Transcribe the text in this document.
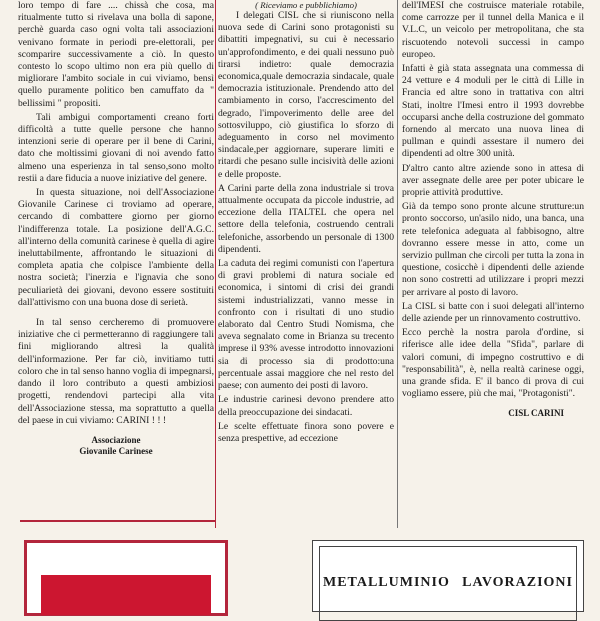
loro tempo di fare .... chissà che cosa, ma ritualmente tutto si rivelava una bolla di sapone, perchè guarda caso ogni volta tali associazioni venivano formate in periodi pre-elettorali, per scomparire successivamente a ciò. In questo contesto lo scopo ultimo non era più quello di migliorare l'ambito sociale in cui viviamo, bensì quello puramente politico ben camuffato da " bellissimi " propositi.

Tali ambigui comportamenti creano forti difficoltà a tutte quelle persone che hanno intenzioni serie di operare per il bene di Carini, dato che moltissimi giovani di noi avendo fatto almeno una esperienza in tal senso,sono molto restii a dare fiducia a nuove iniziative del genere.

In questa situazione, noi dell'Associazione Giovanile Carinese ci troviamo ad operare, cercando di combattere giorno per giorno l'indifferenza totale. La posizione dell'A.G.C. all'interno della comunità carinese è quella di agire ineluttabilmente, affrontando le situazioni di completa apatia che colpisce l'ambiente della nostra società; l'inerzia e l'ignavia che sono peculiarietà dei giovani, devono essere sostituiti dall'attivismo con una buona dose di serietà.

In tal senso cercheremo di promuovere iniziative che ci permetteranno di raggiungere tali fini migliorando altresì la qualità dell'informazione. Per far ciò, invitiamo tutti coloro che in tal senso hanno voglia di impegnarsi, dando il loro contributo a questi ambiziosi progetti, rendendovi partecipi alla vita dell'Associazione stessa, ma soprattutto a quella del paese in cui viviamo: CARINI ! ! !

Associazione
Giovanile Carinese
( Riceviamo e pubblichiamo)

I delegati CISL che si riuniscono nella nuova sede di Carini sono protagonisti su dibattiti impegnativi, su cui è necessario un'approfondimento, e dei quali nessuno può tirarsi indietro: quale democrazia economica,quale democrazia sindacale, quale democrazia istituzionale. Prendendo atto del cambiamento in corso, l'accrescimento del degrado, l'impoverimento delle aree del sottosviluppo, ciò giustifica lo sforzo di adeguamento in corso nel movimento sindacale,per aggiornare, superare limiti e ritardi che pesano sulle incisività delle azioni e delle proposte.

A Carini parte della zona industriale si trova attualmente occupata da piccole industrie, ad eccezione della ITALTEL che opera nel settore della telefonia, costruendo centrali telefoniche, assorbendo un personale di 1300 dipendenti.

La caduta dei regimi comunisti con l'apertura di gravi problemi di natura sociale ed economica, i sintomi di crisi dei grandi sistemi industrializzati, vanno messe in confronto con i risultati di uno studio elaborato dal Centro Studi Nomisma, che aveva segnalato come in Brianza su trecento imprese il 93% avesse introdotto innovazioni sia di processo sia di prodotto:una percentuale assai maggiore che nel resto del paese; con aumento dei posti di lavoro.

Le industrie carinesi devono prendere atto della preoccupazione dei sindacati.

Le scelte effettuate finora sono povere e senza prespettive, ad eccezione

dell'IMESI che costruisce materiale rotabile, come carrozze per il tunnel della Manica e il V.L.C, un veicolo per metropolitana, che sta riscuotendo notevoli successi in campo europeo.

Infatti è già stata assegnata una commessa di 24 vetture e 4 moduli per le città di Lille in Francia ed altre sono in trattativa con altri Stati, inoltre l'Imesi entro il 1993 dovrebbe occuparsi anche della costruzione del gommato fornendo al mercato una nuova linea di pullman e quindi assestare il numero dei dipendenti ad oltre 300 unità.

D'altro canto altre aziende sono in attesa di aver assegnate delle aree per poter ubicare le proprie attività produttive.

Già da tempo sono pronte alcune strutture:un pronto soccorso, un'asilo nido, una banca, una rete telefonica adeguata al fabbisogno, altre dovranno essere messe in atto, come un servizio pullman che circoli per tutta la zona in questione, cosicchè i dipendenti delle aziende non sono costretti ad utilizzare i propri mezzi per arrivare al posto di lavoro.

La CISL si batte con i suoi delegati all'interno delle aziende per un rinnovamento costruttivo.

Ecco perchè la nostra parola d'ordine, si riferisce alle idee della "Sfida", parlare di valori comuni, di impegno costruttivo e di "responsabilità", è, nella realtà carinese oggi, una grande sfida. E' il banco di prova di cui vogliamo essere, più che mai, "Protagonisti".

CISL CARINI
METALLUMINIO LAVORAZIONI
